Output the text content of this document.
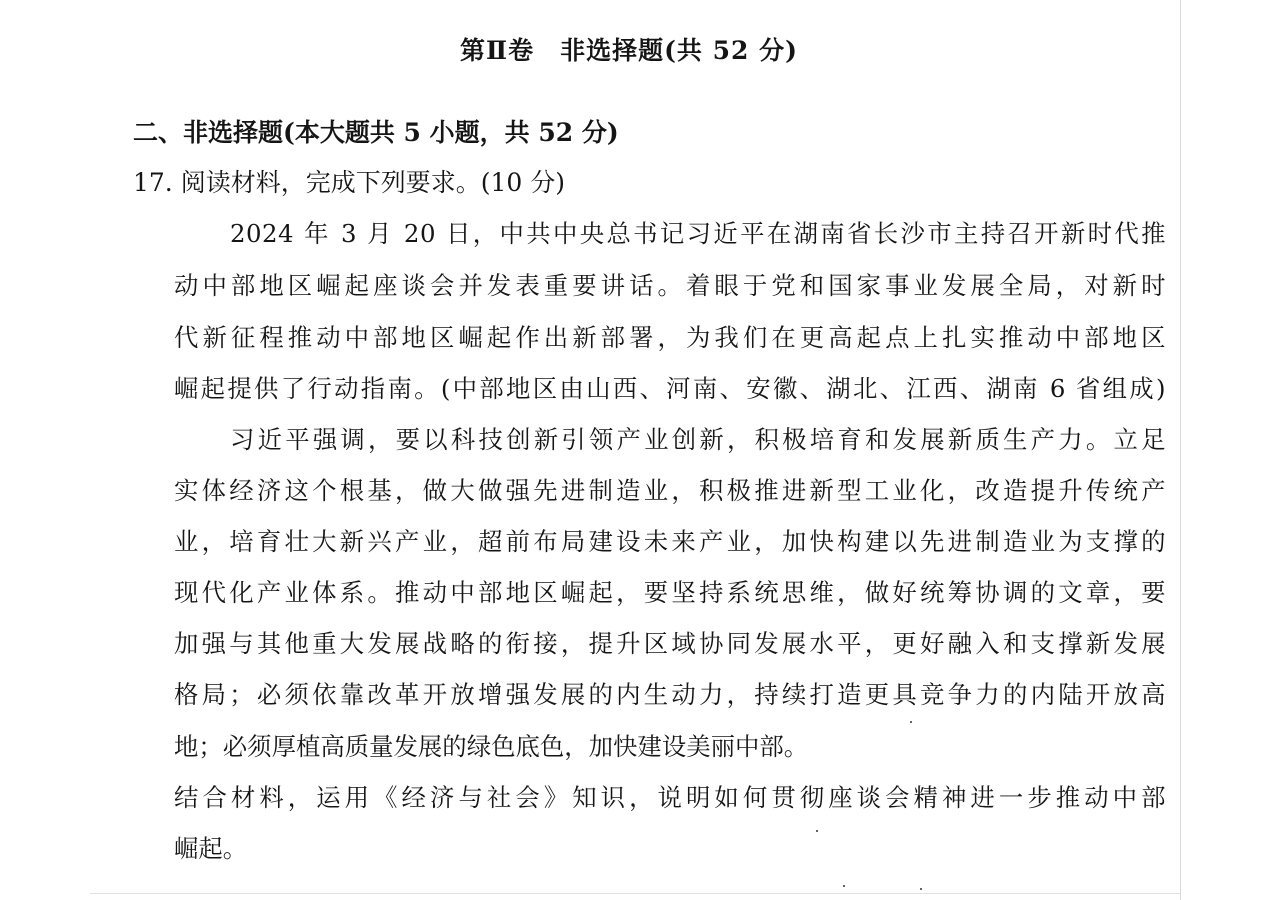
第Ⅱ卷　非选择题(共 52 分)
二、非选择题(本大题共 5 小题，共 52 分)
17. 阅读材料，完成下列要求。(10 分)
2024 年 3 月 20 日，中共中央总书记习近平在湖南省长沙市主持召开新时代推
动中部地区崛起座谈会并发表重要讲话。着眼于党和国家事业发展全局，对新时
代新征程推动中部地区崛起作出新部署，为我们在更高起点上扎实推动中部地区
崛起提供了行动指南。(中部地区由山西、河南、安徽、湖北、江西、湖南 6 省组成)
习近平强调，要以科技创新引领产业创新，积极培育和发展新质生产力。立足
实体经济这个根基，做大做强先进制造业，积极推进新型工业化，改造提升传统产
业，培育壮大新兴产业，超前布局建设未来产业，加快构建以先进制造业为支撑的
现代化产业体系。推动中部地区崛起，要坚持系统思维，做好统筹协调的文章，要
加强与其他重大发展战略的衔接，提升区域协同发展水平，更好融入和支撑新发展
格局；必须依靠改革开放增强发展的内生动力，持续打造更具竞争力的内陆开放高
地；必须厚植高质量发展的绿色底色，加快建设美丽中部。
结合材料，运用《经济与社会》知识，说明如何贯彻座谈会精神进一步推动中部
崛起。
